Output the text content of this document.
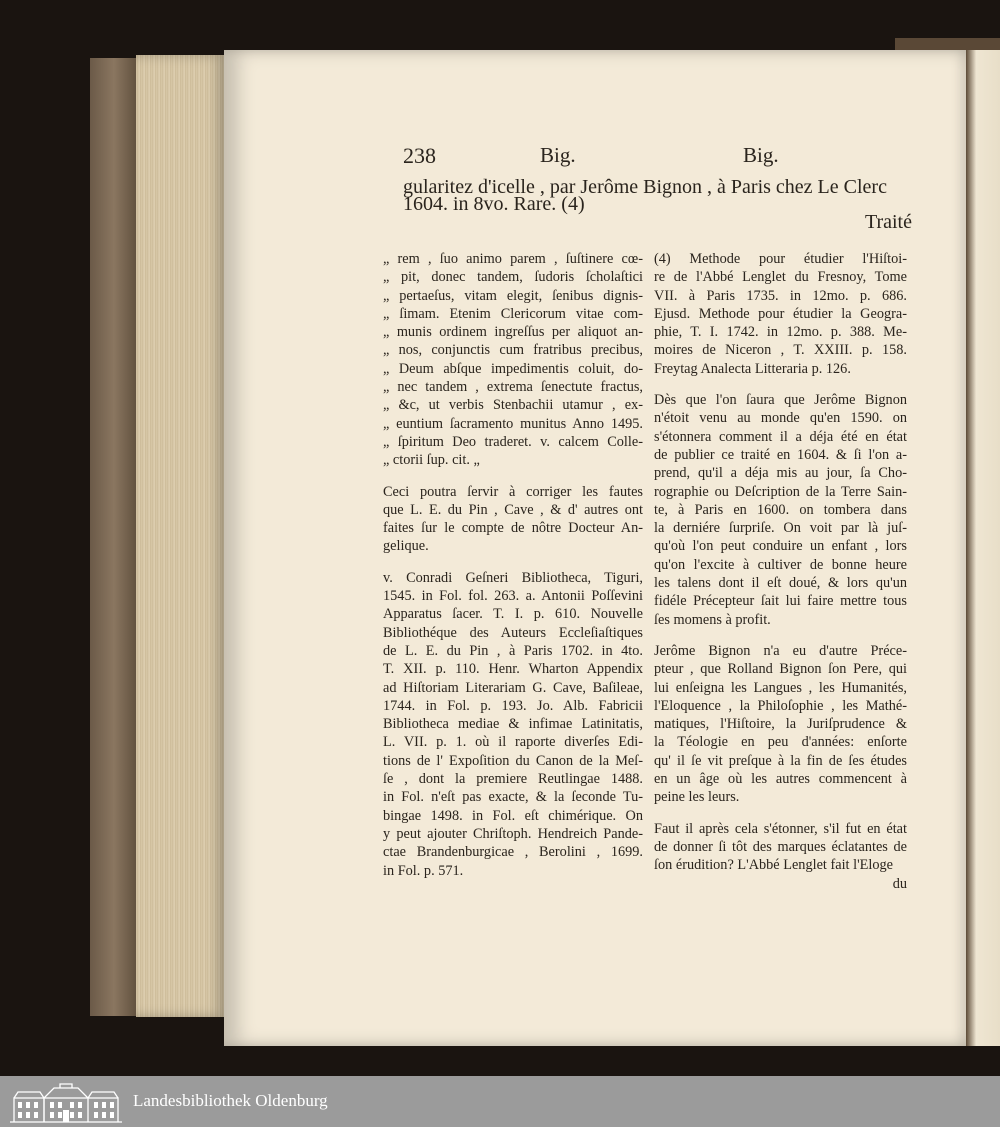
238	Big.	Big.
gularitez d'icelle , par Jerôme Bignon , à Paris chez Le Clerc
1604. in 8vo. Rare. (4)
Traité

„ rem , ſuo animo parem , ſuſtinere cœ-
„ pit, donec tandem, ſudoris ſcholaſtici
„ pertaeſus, vitam elegit, ſenibus dignis-
„ ſimam. Etenim Clericorum vitae com-
„ munis ordinem ingreſſus per aliquot an-
„ nos, conjunctis cum fratribus precibus,
„ Deum abſque impedimentis coluit, do-
„ nec tandem , extrema ſenectute fractus,
„ &c, ut verbis Stenbachii utamur , ex-
„ euntium ſacramento munitus Anno 1495.
„ ſpiritum Deo traderet. v. calcem Colle-
„ ctorii ſup. cit. „

Ceci poutra ſervir à corriger les fautes
que L. E. du Pin , Cave , & d' autres ont
faites ſur le compte de nôtre Docteur An-
gelique.

v. Conradi Geſneri Bibliotheca, Tiguri,
1545. in Fol. fol. 263. a. Antonii Poſſevini
Apparatus ſacer. T. I. p. 610. Nouvelle
Bibliothéque des Auteurs Eccleſiaſtiques
de L. E. du Pin , à Paris 1702. in 4to.
T. XII. p. 110. Henr. Wharton Appendix
ad Hiſtoriam Literariam G. Cave, Baſileae,
1744. in Fol. p. 193. Jo. Alb. Fabricii
Bibliotheca mediae & infimae Latinitatis,
L. VII. p. 1. où il raporte diverſes Edi-
tions de l' Expoſition du Canon de la Meſ-
ſe , dont la premiere Reutlingae 1488.
in Fol. n'eſt pas exacte, & la ſeconde Tu-
bingae 1498. in Fol. eſt chimérique. On
y peut ajouter Chriſtoph. Hendreich Pande-
ctae Brandenburgicae , Berolini , 1699.
in Fol. p. 571.

(4) Methode pour étudier l'Hiſtoi-
re de l'Abbé Lenglet du Fresnoy, Tome
VII. à Paris 1735. in 12mo. p. 686.
Ejusd. Methode pour étudier la Geogra-
phie, T. I. 1742. in 12mo. p. 388. Me-
moires de Niceron , T. XXIII. p. 158.
Freytag Analecta Litteraria p. 126.

Dès que l'on ſaura que Jerôme Bignon
n'étoit venu au monde qu'en 1590. on
s'étonnera comment il a déja été en état
de publier ce traité en 1604. & ſi l'on a-
prend, qu'il a déja mis au jour, ſa Cho-
rographie ou Deſcription de la Terre Sain-
te, à Paris en 1600. on tombera dans
la derniére ſurpriſe. On voit par là juſ-
qu'où l'on peut conduire un enfant , lors
qu'on l'excite à cultiver de bonne heure
les talens dont il eſt doué, & lors qu'un
fidéle Précepteur ſait lui faire mettre tous
ſes momens à profit.

Jerôme Bignon n'a eu d'autre Préce-
pteur , que Rolland Bignon ſon Pere, qui
lui enſeigna les Langues , les Humanités,
l'Eloquence , la Philoſophie , les Mathé-
matiques, l'Hiſtoire, la Juriſprudence &
la Téologie en peu d'années: enſorte
qu' il ſe vit preſque à la fin de ſes études
en un âge où les autres commencent à
peine les leurs.

Faut il après cela s'étonner, s'il fut en état
de donner ſi tôt des marques éclatantes de
ſon érudition? L'Abbé Lenglet fait l'Eloge
du

Landesbibliothek Oldenburg
